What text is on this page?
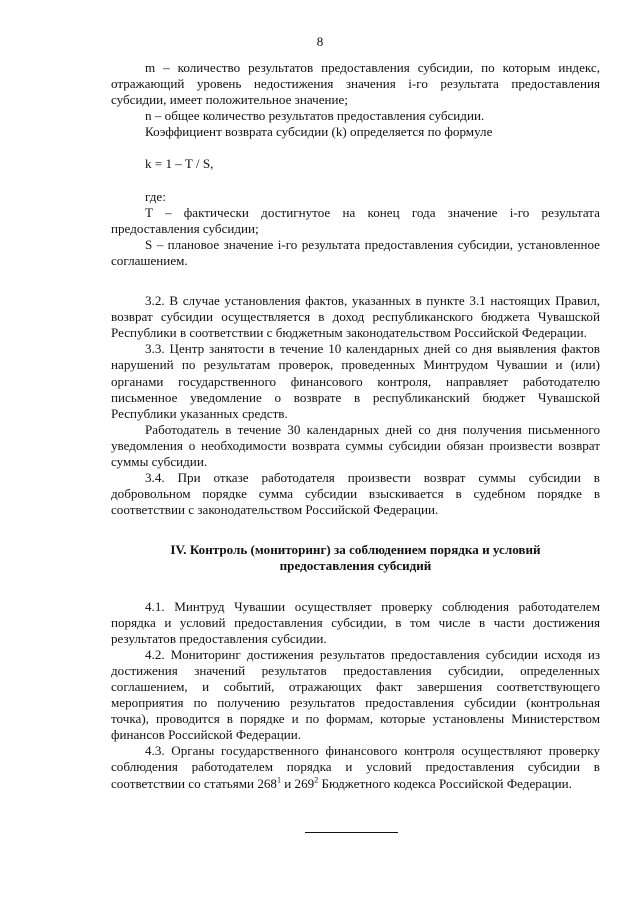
8

m – количество результатов предоставления субсидии, по которым индекс, отражающий уровень недостижения значения i-го результата предоставления субсидии, имеет положительное значение;

n – общее количество результатов предоставления субсидии.

Коэффициент возврата субсидии (k) определяется по формуле

k = 1 – T / S,

где:

T – фактически достигнутое на конец года значение i-го результата предоставления субсидии;

S – плановое значение i-го результата предоставления субсидии, установленное соглашением.

3.2. В случае установления фактов, указанных в пункте 3.1 настоящих Правил, возврат субсидии осуществляется в доход республиканского бюджета Чувашской Республики в соответствии с бюджетным законодательством Российской Федерации.

3.3. Центр занятости в течение 10 календарных дней со дня выявления фактов нарушений по результатам проверок, проведенных Минтрудом Чувашии и (или) органами государственного финансового контроля, направляет работодателю письменное уведомление о возврате в республиканский бюджет Чувашской Республики указанных средств.

Работодатель в течение 30 календарных дней со дня получения письменного уведомления о необходимости возврата суммы субсидии обязан произвести возврат суммы субсидии.

3.4. При отказе работодателя произвести возврат суммы субсидии в добровольном порядке сумма субсидии взыскивается в судебном порядке в соответствии с законодательством Российской Федерации.

IV. Контроль (мониторинг) за соблюдением порядка и условий
предоставления субсидий

4.1. Минтруд Чувашии осуществляет проверку соблюдения работодателем порядка и условий предоставления субсидии, в том числе в части достижения результатов предоставления субсидии.

4.2. Мониторинг достижения результатов предоставления субсидии исходя из достижения значений результатов предоставления субсидии, определенных соглашением, и событий, отражающих факт завершения соответствующего мероприятия по получению результатов предоставления субсидии (контрольная точка), проводится в порядке и по формам, которые установлены Министерством финансов Российской Федерации.

4.3. Органы государственного финансового контроля осуществляют проверку соблюдения работодателем порядка и условий предоставления субсидии в соответствии со статьями $268^1$ и $269^2$ Бюджетного кодекса Российской Федерации.
